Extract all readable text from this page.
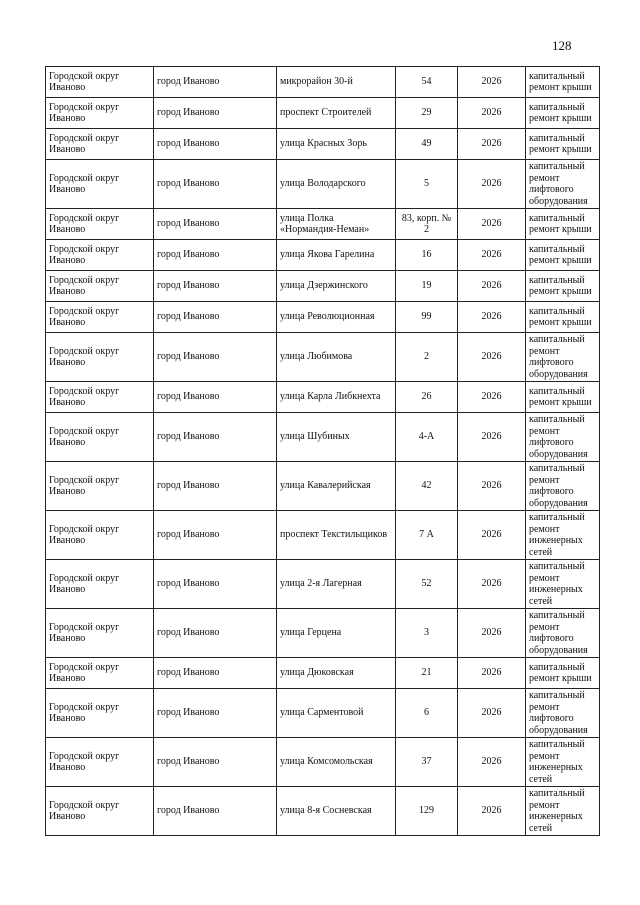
128
Городской округ Иваново	город Иваново	микрорайон 30-й	54	2026	капитальный ремонт крыши
Городской округ Иваново	город Иваново	проспект Строителей	29	2026	капитальный ремонт крыши
Городской округ Иваново	город Иваново	улица Красных Зорь	49	2026	капитальный ремонт крыши
Городской округ Иваново	город Иваново	улица Володарского	5	2026	капитальный ремонт лифтового оборудования
Городской округ Иваново	город Иваново	улица Полка «Нормандия-Неман»	83, корп. № 2	2026	капитальный ремонт крыши
Городской округ Иваново	город Иваново	улица Якова Гарелина	16	2026	капитальный ремонт крыши
Городской округ Иваново	город Иваново	улица Дзержинского	19	2026	капитальный ремонт крыши
Городской округ Иваново	город Иваново	улица Революционная	99	2026	капитальный ремонт крыши
Городской округ Иваново	город Иваново	улица Любимова	2	2026	капитальный ремонт лифтового оборудования
Городской округ Иваново	город Иваново	улица Карла Либкнехта	26	2026	капитальный ремонт крыши
Городской округ Иваново	город Иваново	улица Шубиных	4-А	2026	капитальный ремонт лифтового оборудования
Городской округ Иваново	город Иваново	улица Кавалерийская	42	2026	капитальный ремонт лифтового оборудования
Городской округ Иваново	город Иваново	проспект Текстильщиков	7 А	2026	капитальный ремонт инженерных сетей
Городской округ Иваново	город Иваново	улица 2-я Лагерная	52	2026	капитальный ремонт инженерных сетей
Городской округ Иваново	город Иваново	улица Герцена	3	2026	капитальный ремонт лифтового оборудования
Городской округ Иваново	город Иваново	улица Дюковская	21	2026	капитальный ремонт крыши
Городской округ Иваново	город Иваново	улица Сарментовой	6	2026	капитальный ремонт лифтового оборудования
Городской округ Иваново	город Иваново	улица Комсомольская	37	2026	капитальный ремонт инженерных сетей
Городской округ Иваново	город Иваново	улица 8-я Сосневская	129	2026	капитальный ремонт инженерных сетей
